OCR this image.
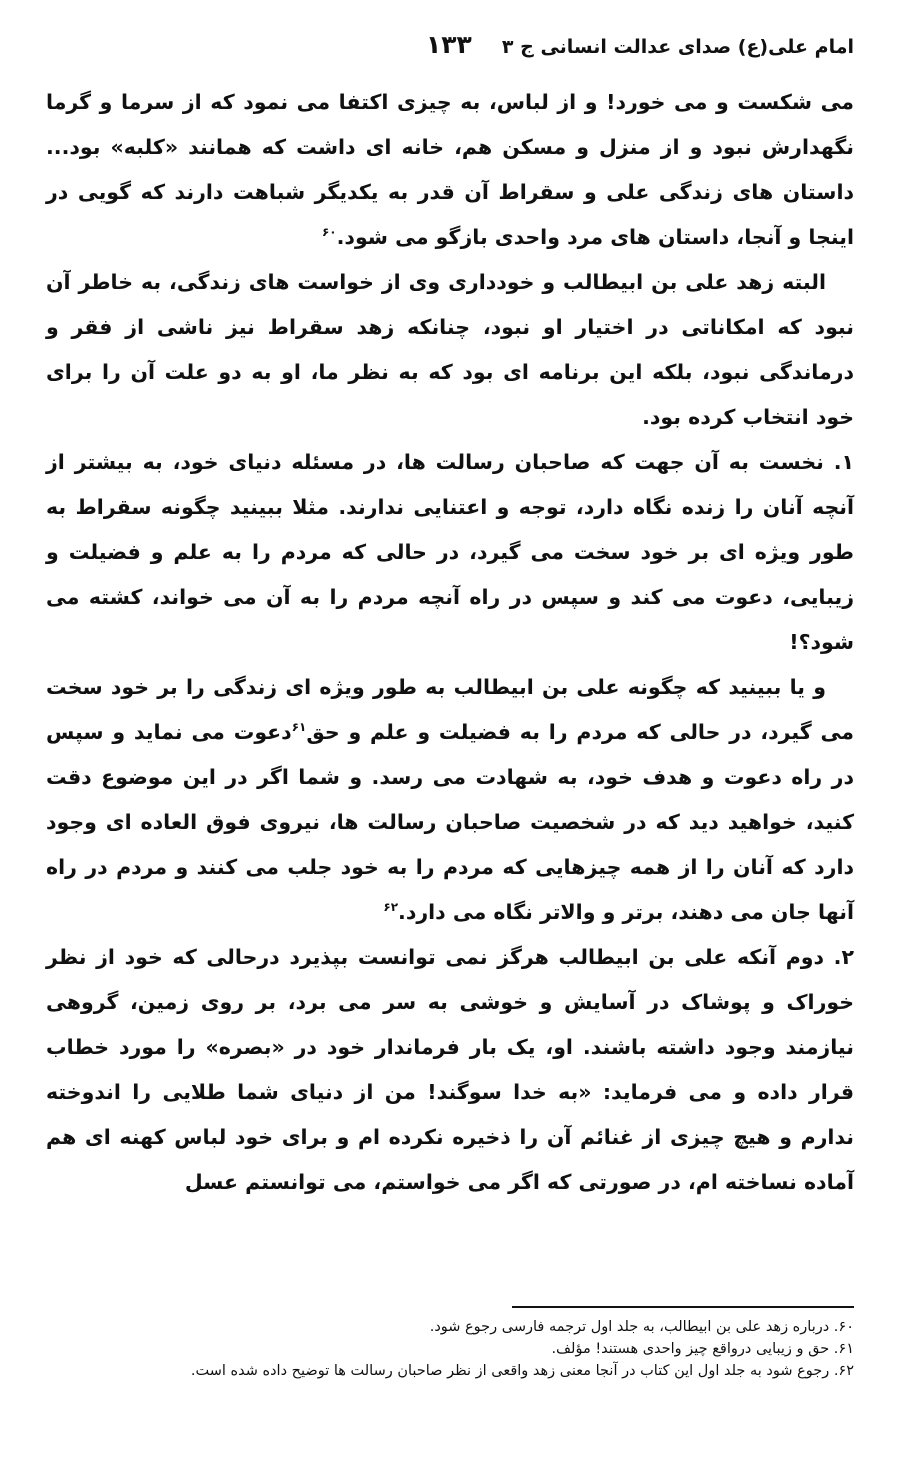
امام علی(ع) صدای عدالت انسانی ج ۳
۱۳۳

می شکست و می خورد! و از لباس، به چیزی اکتفا می نمود که از سرما و گرما نگهدارش نبود و از منزل و مسکن هم، خانه ای داشت که همانند «کلبه» بود... داستان های زندگی علی و سقراط آن قدر به یکدیگر شباهت دارند که گویی در اینجا و آنجا، داستان های مرد واحدی بازگو می شود.$^{۶۰}$

البته زهد علی بن ابیطالب و خودداری وی از خواست های زندگی، به خاطر آن نبود که امکاناتی در اختیار او نبود، چنانکه زهد سقراط نیز ناشی از فقر و درماندگی نبود، بلکه این برنامه ای بود که به نظر ما، او به دو علت آن را برای خود انتخاب کرده بود.

۱. نخست به آن جهت که صاحبان رسالت ها، در مسئله دنیای خود، به بیشتر از آنچه آنان را زنده نگاه دارد، توجه و اعتنایی ندارند. مثلا ببینید چگونه سقراط به طور ویژه ای بر خود سخت می گیرد، در حالی که مردم را به علم و فضیلت و زیبایی، دعوت می کند و سپس در راه آنچه مردم را به آن می خواند، کشته می شود؟!

و یا ببینید که چگونه علی بن ابیطالب به طور ویژه ای زندگی را بر خود سخت می گیرد، در حالی که مردم را به فضیلت و علم و حق$^{۶۱}$دعوت می نماید و سپس در راه دعوت و هدف خود، به شهادت می رسد. و شما اگر در این موضوع دقت کنید، خواهید دید که در شخصیت صاحبان رسالت ها، نیروی فوق العاده ای وجود دارد که آنان را از همه چیزهایی که مردم را به خود جلب می کنند و مردم در راه آنها جان می دهند، برتر و والاتر نگاه می دارد.$^{۶۲}$

۲. دوم آنکه علی بن ابیطالب هرگز نمی توانست بپذیرد درحالی که خود از نظر خوراک و پوشاک در آسایش و خوشی به سر می برد، بر روی زمین، گروهی نیازمند وجود داشته باشند. او، یک بار فرماندار خود در «بصره» را مورد خطاب قرار داده و می فرماید: «به خدا سوگند! من از دنیای شما طلایی را اندوخته ندارم و هیچ چیزی از غنائم آن را ذخیره نکرده ام و برای خود لباس کهنه ای هم آماده نساخته ام، در صورتی که اگر می خواستم، می توانستم عسل

۶۰. درباره زهد علی بن ابیطالب، به جلد اول ترجمه فارسی رجوع شود.

۶۱. حق و زیبایی درواقع چیز واحدی هستند! مؤلف.

۶۲. رجوع شود به جلد اول این کتاب در آنجا معنی زهد واقعی از نظر صاحبان رسالت ها توضیح داده شده است.
